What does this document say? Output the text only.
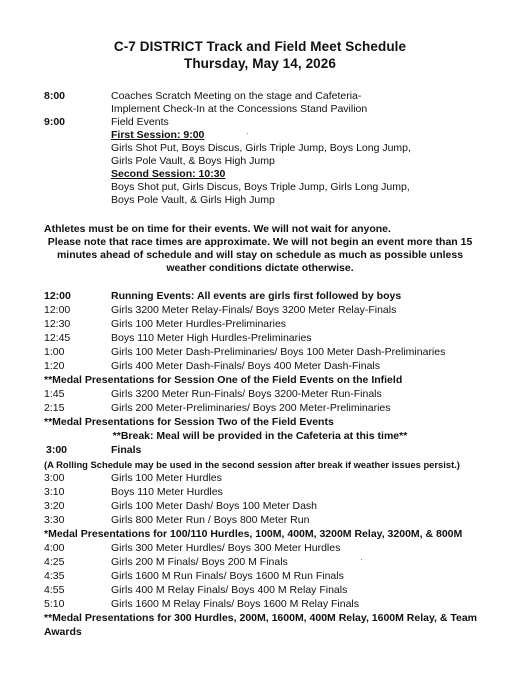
C-7 DISTRICT Track and Field Meet Schedule
Thursday, May 14, 2026
8:00	Coaches Scratch Meeting on the stage and Cafeteria-
Implement Check-In at the Concessions Stand Pavilion
9:00	Field Events
First Session: 9:00	·
Girls Shot Put, Boys Discus, Girls Triple Jump, Boys Long Jump,
Girls Pole Vault, & Boys High Jump
Second Session: 10:30
Boys Shot put, Girls Discus, Boys Triple Jump, Girls Long Jump,
Boys Pole Vault, & Girls High Jump
Athletes must be on time for their events. We will not wait for anyone.
Please note that race times are approximate. We will not begin an event more than 15
minutes ahead of schedule and will stay on schedule as much as possible unless
weather conditions dictate otherwise.
12:00	Running Events: All events are girls first followed by boys
12:00	Girls 3200 Meter Relay-Finals/ Boys 3200 Meter Relay-Finals
12:30	Girls 100 Meter Hurdles-Preliminaries
12:45	Boys 110 Meter High Hurdles-Preliminaries
1:00	Girls 100 Meter Dash-Preliminaries/ Boys 100 Meter Dash-Preliminaries
1:20	Girls 400 Meter Dash-Finals/ Boys 400 Meter Dash-Finals
**Medal Presentations for Session One of the Field Events on the Infield
1:45	Girls 3200 Meter Run-Finals/ Boys 3200-Meter Run-Finals
2:15	Girls 200 Meter-Preliminaries/ Boys 200 Meter-Preliminaries
**Medal Presentations for Session Two of the Field Events
**Break: Meal will be provided in the Cafeteria at this time**
3:00	Finals
(A Rolling Schedule may be used in the second session after break if weather issues persist.)
3:00	Girls 100 Meter Hurdles
3:10	Boys 110 Meter Hurdles
3:20	Girls 100 Meter Dash/ Boys 100 Meter Dash
3:30	Girls 800 Meter Run / Boys 800 Meter Run
*Medal Presentations for 100/110 Hurdles, 100M, 400M, 3200M Relay, 3200M, & 800M
4:00	Girls 300 Meter Hurdles/ Boys 300 Meter Hurdles
4:25	Girls 200 M Finals/ Boys 200 M Finals	·
4:35	Girls 1600 M Run Finals/ Boys 1600 M Run Finals
4:55	Girls 400 M Relay Finals/ Boys 400 M Relay Finals
5:10	Girls 1600 M Relay Finals/ Boys 1600 M Relay Finals
**Medal Presentations for 300 Hurdles, 200M, 1600M, 400M Relay, 1600M Relay, & Team
Awards
